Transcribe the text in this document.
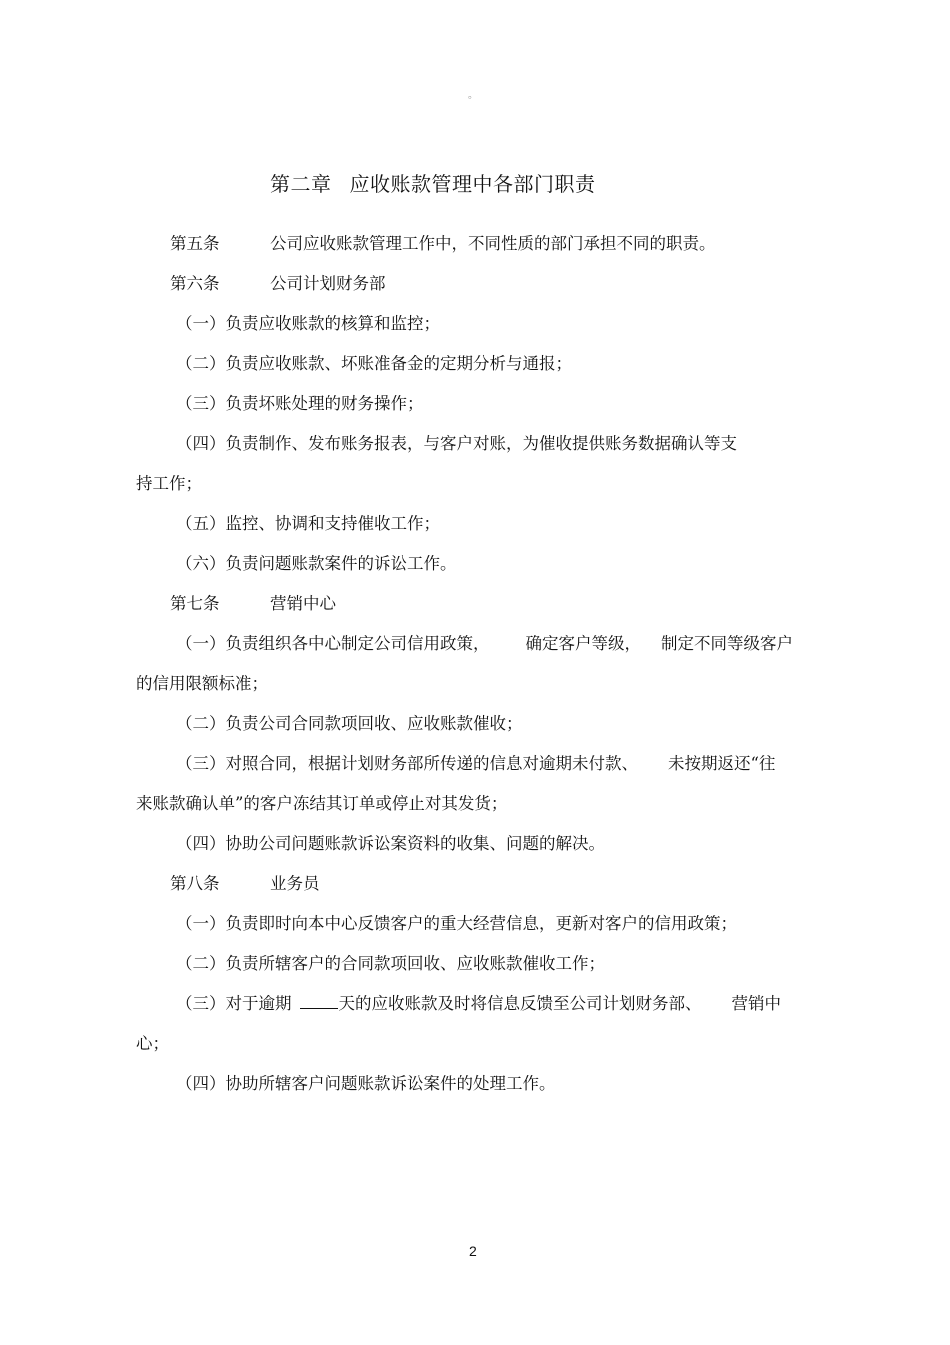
。
第二章 应收账款管理中各部门职责
第五条	公司应收账款管理工作中，不同性质的部门承担不同的职责。
第六条	公司计划财务部
（一）负责应收账款的核算和监控；
（二）负责应收账款、坏账准备金的定期分析与通报；
（三）负责坏账处理的财务操作；
（四）负责制作、发布账务报表，与客户对账，为催收提供账务数据确认等支
持工作；
（五）监控、协调和支持催收工作；
（六）负责问题账款案件的诉讼工作。
第七条	营销中心
（一）负责组织各中心制定公司信用政策， 确定客户等级， 制定不同等级客户
的信用限额标准；
（二）负责公司合同款项回收、应收账款催收；
（三）对照合同，根据计划财务部所传递的信息对逾期未付款、 未按期返还“往
来账款确认单”的客户冻结其订单或停止对其发货；
（四）协助公司问题账款诉讼案资料的收集、问题的解决。
第八条	业务员
（一）负责即时向本中心反馈客户的重大经营信息，更新对客户的信用政策；
（二）负责所辖客户的合同款项回收、应收账款催收工作；
（三）对于逾期	天的应收账款及时将信息反馈至公司计划财务部、 营销中
心；
（四）协助所辖客户问题账款诉讼案件的处理工作。
2
